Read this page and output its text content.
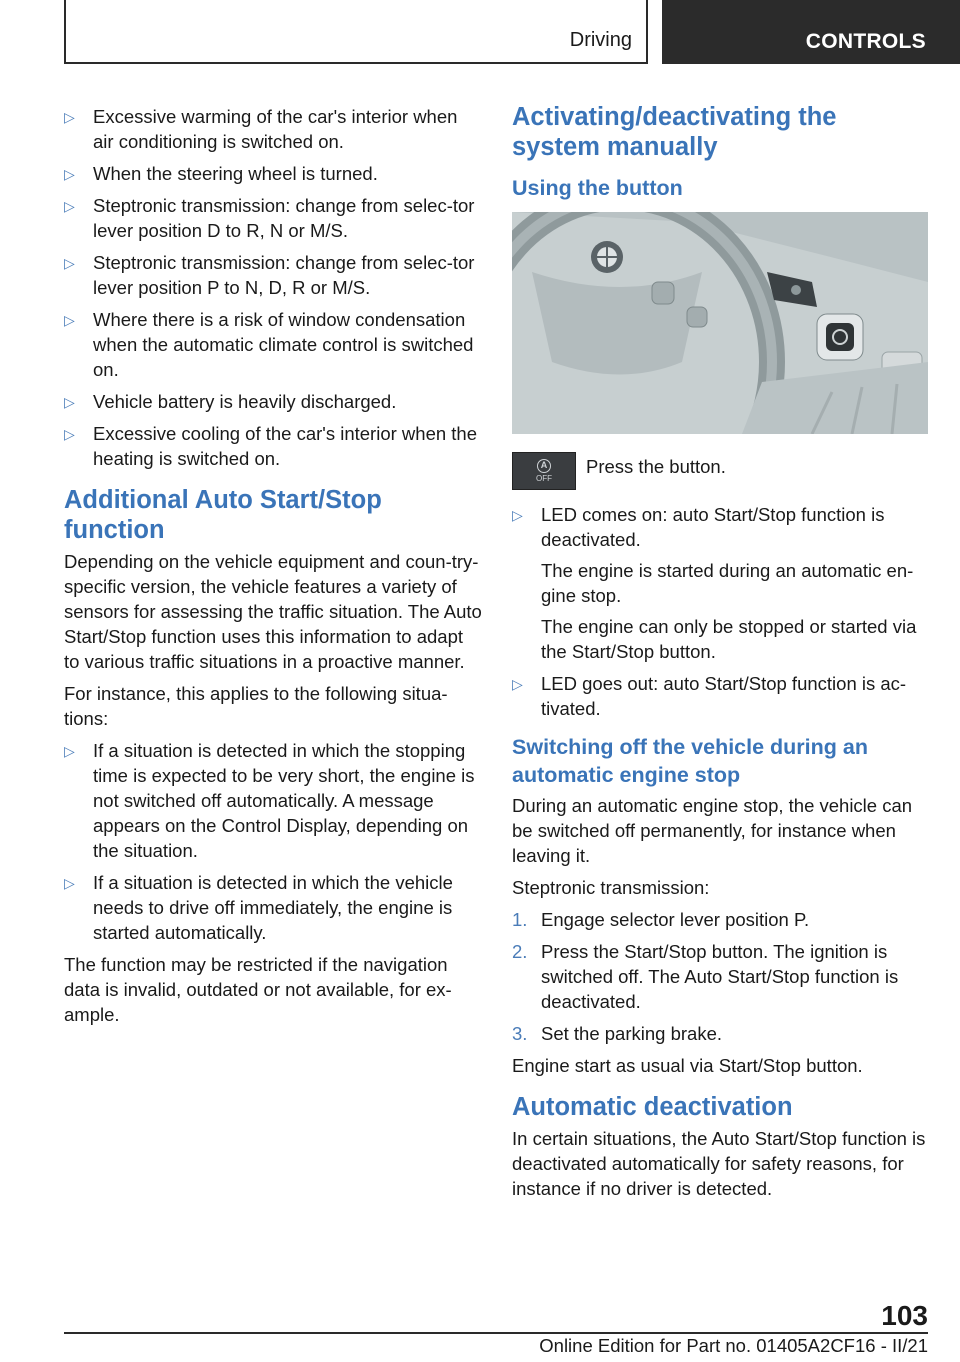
Driving	CONTROLS
▷ Excessive warming of the car's interior when air conditioning is switched on.
▷ When the steering wheel is turned.
▷ Steptronic transmission: change from selec-tor lever position D to R, N or M/S.
▷ Steptronic transmission: change from selec-tor lever position P to N, D, R or M/S.
▷ Where there is a risk of window condensation when the automatic climate control is switched on.
▷ Vehicle battery is heavily discharged.
▷ Excessive cooling of the car's interior when the heating is switched on.
Additional Auto Start/Stop function

Depending on the vehicle equipment and coun-try-specific version, the vehicle features a variety of sensors for assessing the traffic situation. The Auto Start/Stop function uses this information to adapt to various traffic situations in a proactive manner.

For instance, this applies to the following situa-tions:

▷ If a situation is detected in which the stopping time is expected to be very short, the engine is not switched off automatically. A message appears on the Control Display, depending on the situation.
▷ If a situation is detected in which the vehicle needs to drive off immediately, the engine is started automatically.

The function may be restricted if the navigation data is invalid, outdated or not available, for ex-ample.

Activating/deactivating the system manually
Using the button
A
OFF
Press the button.
▷ LED comes on: auto Start/Stop function is deactivated.
The engine is started during an automatic en-gine stop.
The engine can only be stopped or started via the Start/Stop button.
▷ LED goes out: auto Start/Stop function is ac-tivated.
Switching off the vehicle during an automatic engine stop

During an automatic engine stop, the vehicle can be switched off permanently, for instance when leaving it.

Steptronic transmission:

1. Engage selector lever position P.
2. Press the Start/Stop button. The ignition is switched off. The Auto Start/Stop function is deactivated.
3. Set the parking brake.

Engine start as usual via Start/Stop button.

Automatic deactivation

In certain situations, the Auto Start/Stop function is deactivated automatically for safety reasons, for instance if no driver is detected.

103
Online Edition for Part no. 01405A2CF16 - II/21
